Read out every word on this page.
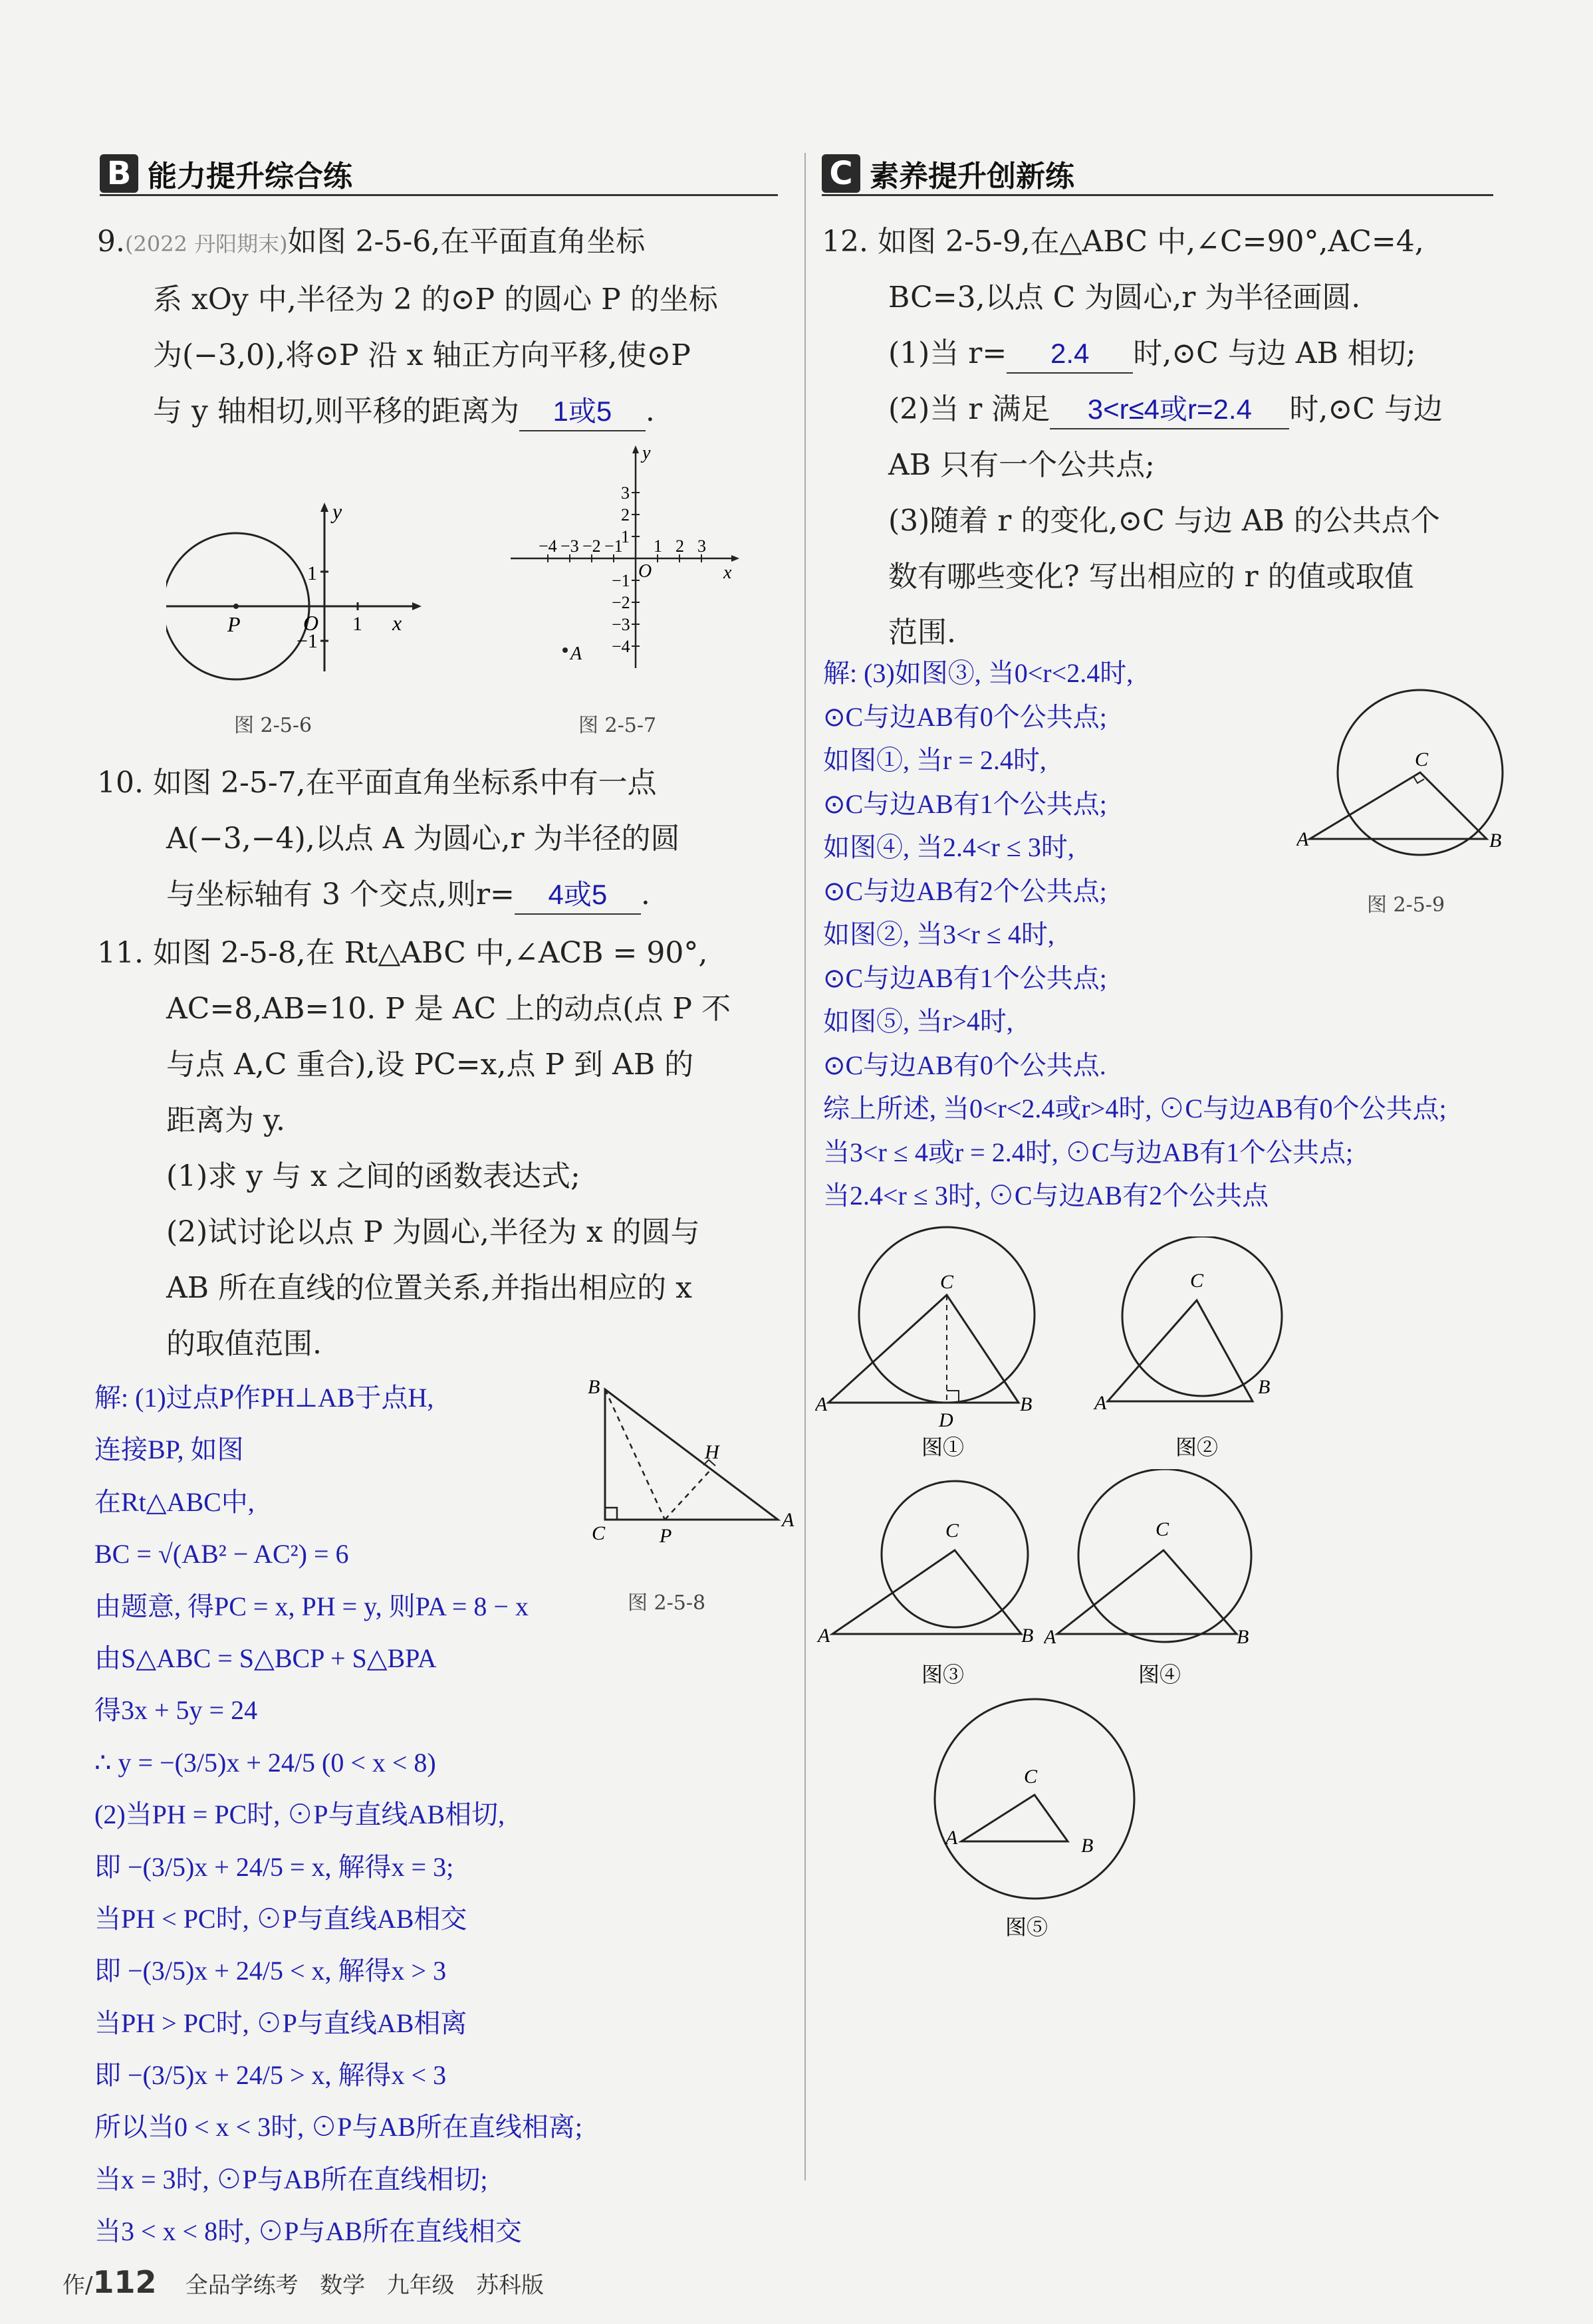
B 能力提升综合练	C 素养提升创新练

9.(2022 丹阳期末)如图 2-5-6,在平面直角坐标

系 xOy 中,半径为 2 的⊙P 的圆心 P 的坐标

为(−3,0),将⊙P 沿 x 轴正方向平移,使⊙P

与 y 轴相切,则平移的距离为 1或5 .

y
x
P	O
1
1
−1
图 2-5-6
−4 −3 −2 −1 1 2 3
3
2
1
−1
−2
−3
−4
y
x
O
A
图 2-5-7

10. 如图 2-5-7,在平面直角坐标系中有一点

A(−3,−4),以点 A 为圆心,r 为半径的圆

与坐标轴有 3 个交点,则r= 4或5 .

11. 如图 2-5-8,在 Rt△ABC 中,∠ACB = 90°,

AC=8,AB=10. P 是 AC 上的动点(点 P 不

与点 A,C 重合),设 PC=x,点 P 到 AB 的

距离为 y.

(1)求 y 与 x 之间的函数表达式;

(2)试讨论以点 P 为圆心,半径为 x 的圆与

AB 所在直线的位置关系,并指出相应的 x

的取值范围.

B
H
C	P
A
图 2-5-8
解: (1)过点P作PH⊥AB于点H,
连接BP, 如图
在Rt△ABC中,
BC = √(AB² − AC²) = 6
由题意, 得PC = x, PH = y, 则PA = 8 − x
由S△ABC = S△BCP + S△BPA
得3x + 5y = 24
∴ y = −(3/5)x + 24/5 (0 < x < 8)
(2)当PH = PC时, ⊙P与直线AB相切,
即 −(3/5)x + 24/5 = x, 解得x = 3;
当PH < PC时, ⊙P与直线AB相交
即 −(3/5)x + 24/5 < x, 解得x > 3
当PH > PC时, ⊙P与直线AB相离
即 −(3/5)x + 24/5 > x, 解得x < 3
所以当0 < x < 3时, ⊙P与AB所在直线相离;
当x = 3时, ⊙P与AB所在直线相切;
当3 < x < 8时, ⊙P与AB所在直线相交

12. 如图 2-5-9,在△ABC 中,∠C=90°,AC=4,

BC=3,以点 C 为圆心,r 为半径画圆.

(1)当 r= 2.4 时,⊙C 与边 AB 相切;

(2)当 r 满足 3<r≤4或r=2.4 时,⊙C 与边

AB 只有一个公共点;

(3)随着 r 的变化,⊙C 与边 AB 的公共点个

数有哪些变化? 写出相应的 r 的值或取值

范围.

C
A	B
图 2-5-9
解: (3)如图③, 当0<r<2.4时,
⊙C与边AB有0个公共点;
如图①, 当r = 2.4时,
⊙C与边AB有1个公共点;
如图④, 当2.4<r ≤ 3时,
⊙C与边AB有2个公共点;
如图②, 当3<r ≤ 4时,
⊙C与边AB有1个公共点;
如图⑤, 当r>4时,
⊙C与边AB有0个公共点.
综上所述, 当0<r<2.4或r>4时, ⊙C与边AB有0个公共点;
当3<r ≤ 4或r = 2.4时, ⊙C与边AB有1个公共点;
当2.4<r ≤ 3时, ⊙C与边AB有2个公共点
C
A	B
D
图①
C
A
B
图②
C
A	B
图③
C
A	B
图④
C
A	B
图⑤
作/112 全品学练考 数学 九年级 苏科版
